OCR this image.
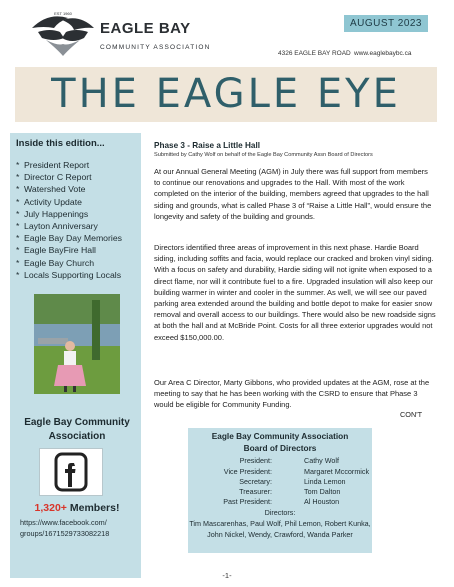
EST 1960
EAGLE BAY
COMMUNITY ASSOCIATION
AUGUST 2023
4326 EAGLE BAY ROAD www.eaglebaybc.ca
THE EAGLE EYE
Inside this edition...
* President Report
* Director C Report
* Watershed Vote
* Activity Update
* July Happenings
* Layton Anniversary
* Eagle Bay Day Memories
* Eagle BayFire Hall
* Eagle Bay Church
* Locals Supporting Locals
Eagle Bay Community
Association
1,320+ Members!
https://www.facebook.com/
groups/1671529733082218
Phase 3 - Raise a Little Hall
Submitted by Cathy Wolf on behalf of the Eagle Bay Community Assn Board of Directors

At our Annual General Meeting (AGM) in July there was full support from members to continue our renovations and upgrades to the Hall. With most of the work completed on the interior of the building, members agreed that upgrades to the hall siding and grounds, what is called Phase 3 of “Raise a Little Hall”, would ensure the longevity and safety of the building and grounds.

Directors identified three areas of improvement in this next phase. Hardie Board siding, including soffits and facia, would replace our cracked and broken vinyl siding. With a focus on safety and durability, Hardie siding will not ignite when exposed to a direct flame, nor will it contribute fuel to a fire. Upgraded insulation will also keep our building warmer in winter and cooler in the summer. As well, we will see our paved parking area extended around the building and bottle depot to make for easier snow removal and overall access to our buildings. There would also be new roadside signs at both the hall and at McBride Point. Costs for all three exterior upgrades would not exceed $150,000.00.

Our Area C Director, Marty Gibbons, who provided updates at the AGM, rose at the meeting to say that he has been working with the CSRD to ensure that Phase 3 would be eligible for Community Funding.

CON'T
Eagle Bay Community Association
Board of Directors
President:	Cathy Wolf
Vice President:	Margaret Mccormick
Secretary:	Linda Lemon
Treasurer:	Tom Dalton
Past President:	Al Houston
Directors:
Tim Mascarenhas, Paul Wolf, Phil Lemon, Robert Kunka,
John Nickel, Wendy, Crawford, Wanda Parker
-1-
